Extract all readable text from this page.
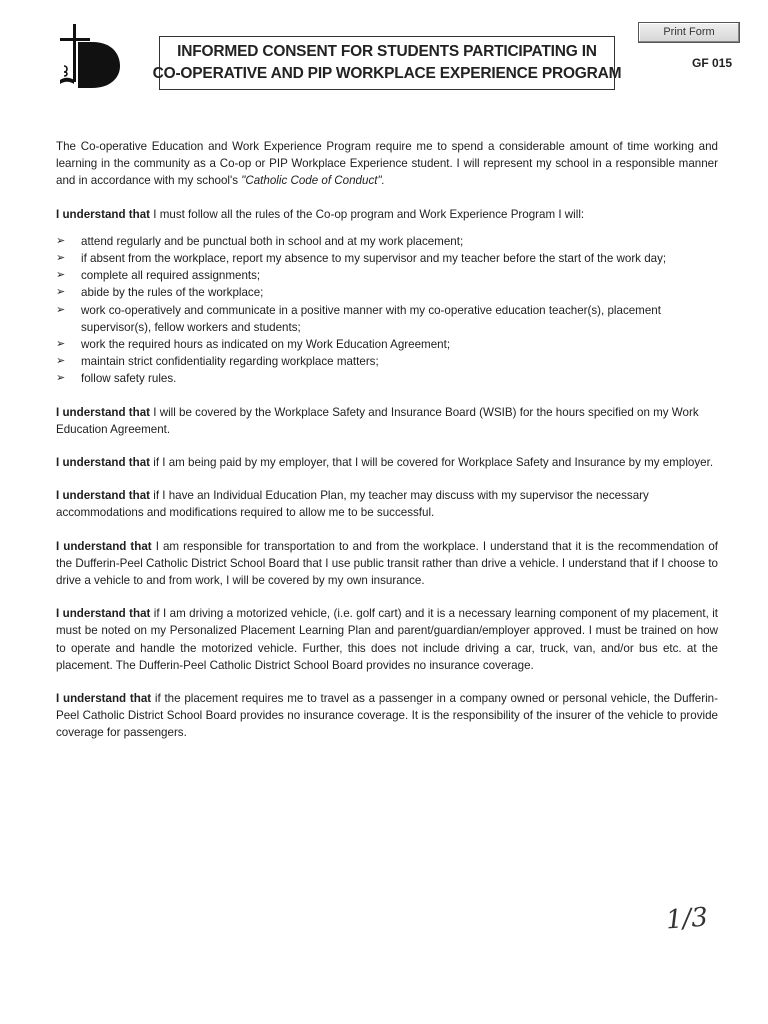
INFORMED CONSENT FOR STUDENTS PARTICIPATING IN
CO-OPERATIVE AND PIP WORKPLACE EXPERIENCE PROGRAM
Print Form
GF 015

The Co-operative Education and Work Experience Program require me to spend a considerable amount of time working and learning in the community as a Co-op or PIP Workplace Experience student. I will represent my school in a responsible manner and in accordance with my school's "Catholic Code of Conduct".

I understand that I must follow all the rules of the Co-op program and Work Experience Program I will:

➢ attend regularly and be punctual both in school and at my work placement;
➢ if absent from the workplace, report my absence to my supervisor and my teacher before the start of the work day;
➢ complete all required assignments;
➢ abide by the rules of the workplace;
➢ work co-operatively and communicate in a positive manner with my co-operative education teacher(s), placement supervisor(s), fellow workers and students;
➢ work the required hours as indicated on my Work Education Agreement;
➢ maintain strict confidentiality regarding workplace matters;
➢ follow safety rules.

I understand that I will be covered by the Workplace Safety and Insurance Board (WSIB) for the hours specified on my Work Education Agreement.

I understand that if I am being paid by my employer, that I will be covered for Workplace Safety and Insurance by my employer.

I understand that if I have an Individual Education Plan, my teacher may discuss with my supervisor the necessary accommodations and modifications required to allow me to be successful.

I understand that I am responsible for transportation to and from the workplace. I understand that it is the recommendation of the Dufferin-Peel Catholic District School Board that I use public transit rather than drive a vehicle. I understand that if I choose to drive a vehicle to and from work, I will be covered by my own insurance.

I understand that if I am driving a motorized vehicle, (i.e. golf cart) and it is a necessary learning component of my placement, it must be noted on my Personalized Placement Learning Plan and parent/guardian/employer approved. I must be trained on how to operate and handle the motorized vehicle. Further, this does not include driving a car, truck, van, and/or bus etc. at the placement. The Dufferin-Peel Catholic District School Board provides no insurance coverage.

I understand that if the placement requires me to travel as a passenger in a company owned or personal vehicle, the Dufferin-Peel Catholic District School Board provides no insurance coverage. It is the responsibility of the insurer of the vehicle to provide coverage for passengers.

1/3
